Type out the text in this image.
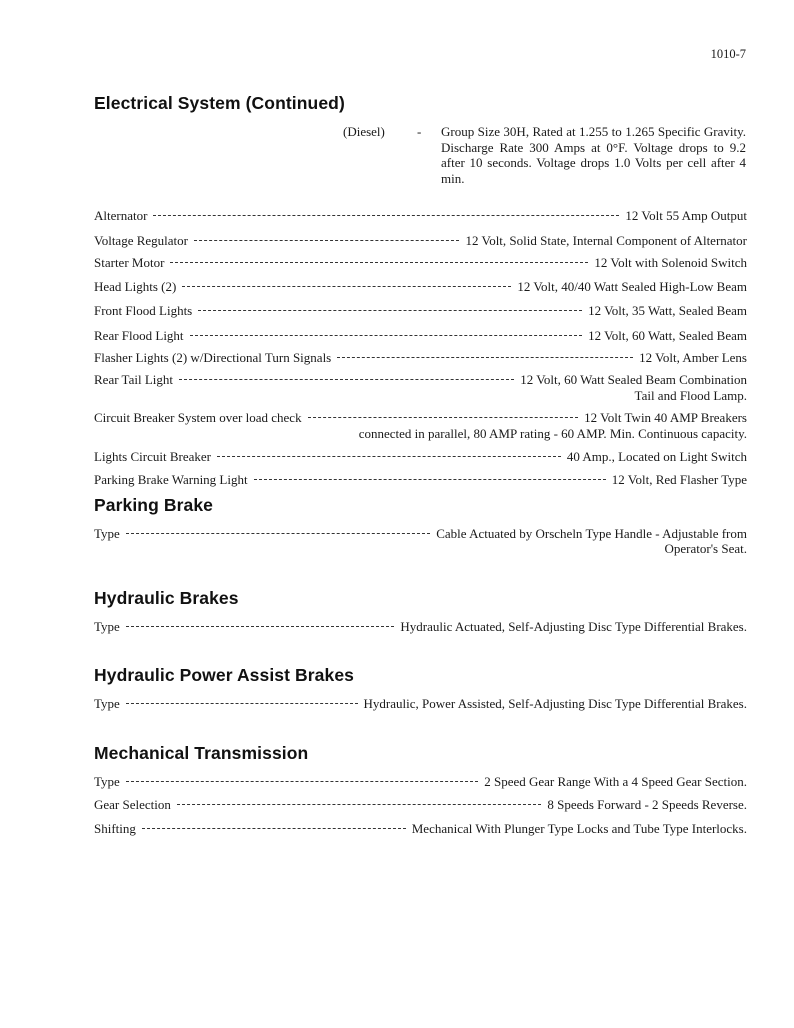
1010-7
Electrical System (Continued)
(Diesel) - Group Size 30H, Rated at 1.255 to 1.265 Specific Gravity. Discharge Rate 300 Amps at 0°F. Voltage drops to 9.2 after 10 seconds. Voltage drops 1.0 Volts per cell after 4 min.
Alternator	12 Volt 55 Amp Output
Voltage Regulator	12 Volt, Solid State, Internal Component of Alternator
Starter Motor	12 Volt with Solenoid Switch
Head Lights (2)	12 Volt, 40/40 Watt Sealed High-Low Beam
Front Flood Lights	12 Volt, 35 Watt, Sealed Beam
Rear Flood Light	12 Volt, 60 Watt, Sealed Beam
Flasher Lights (2) w/Directional Turn Signals	12 Volt, Amber Lens
Rear Tail Light	12 Volt, 60 Watt Sealed Beam Combination
Tail and Flood Lamp.
Circuit Breaker System over load check	12 Volt Twin 40 AMP Breakers
connected in parallel, 80 AMP rating - 60 AMP. Min. Continuous capacity.
Lights Circuit Breaker	40 Amp., Located on Light Switch
Parking Brake Warning Light	12 Volt, Red Flasher Type
Parking Brake
Type	Cable Actuated by Orscheln Type Handle - Adjustable from
Operator's Seat.
Hydraulic Brakes
Type	Hydraulic Actuated, Self-Adjusting Disc Type Differential Brakes.
Hydraulic Power Assist Brakes
Type	Hydraulic, Power Assisted, Self-Adjusting Disc Type Differential Brakes.
Mechanical Transmission
Type	2 Speed Gear Range With a 4 Speed Gear Section.
Gear Selection	8 Speeds Forward - 2 Speeds Reverse.
Shifting	Mechanical With Plunger Type Locks and Tube Type Interlocks.
